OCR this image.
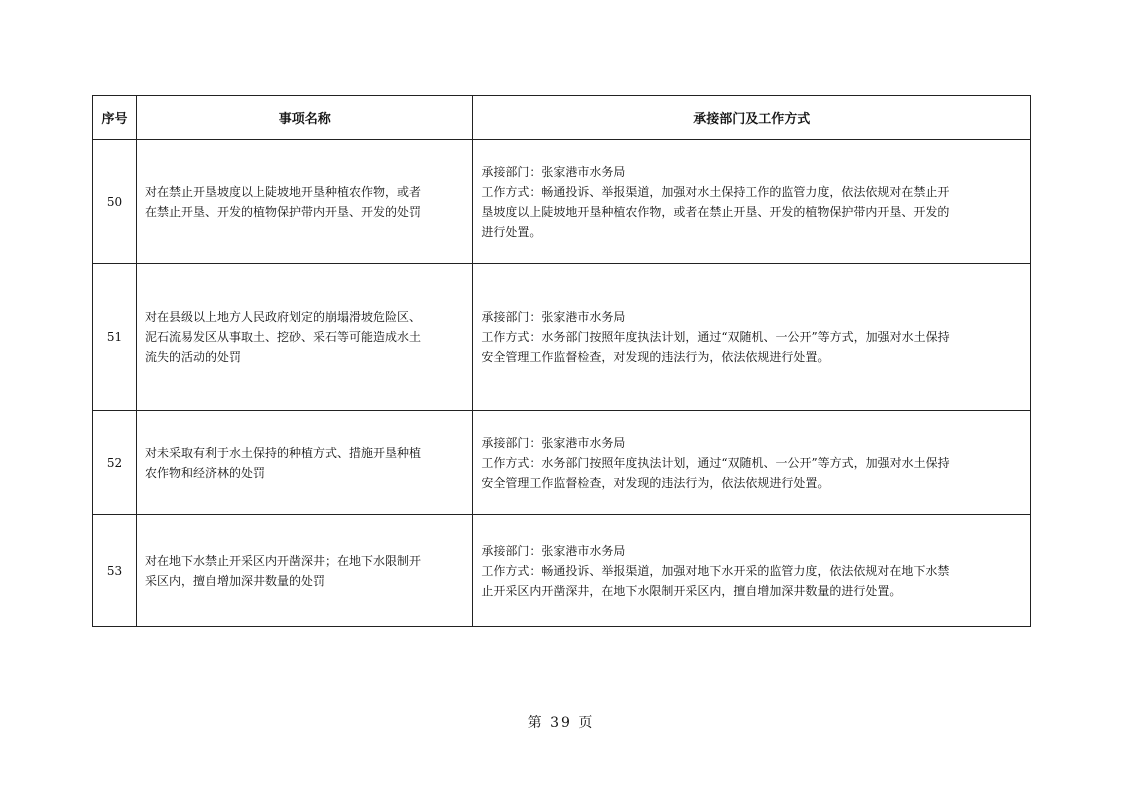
序号	事项名称	承接部门及工作方式
50	对在禁止开垦坡度以上陡坡地开垦种植农作物，或者
在禁止开垦、开发的植物保护带内开垦、开发的处罚	承接部门：张家港市水务局
工作方式：畅通投诉、举报渠道，加强对水土保持工作的监管力度，依法依规对在禁止开
垦坡度以上陡坡地开垦种植农作物，或者在禁止开垦、开发的植物保护带内开垦、开发的
进行处置。

51	对在县级以上地方人民政府划定的崩塌滑坡危险区、
泥石流易发区从事取土、挖砂、采石等可能造成水土
流失的活动的处罚	承接部门：张家港市水务局
工作方式：水务部门按照年度执法计划，通过“双随机、一公开”等方式，加强对水土保持
安全管理工作监督检查，对发现的违法行为，依法依规进行处置。

52	对未采取有利于水土保持的种植方式、措施开垦种植
农作物和经济林的处罚	承接部门：张家港市水务局
工作方式：水务部门按照年度执法计划，通过“双随机、一公开”等方式，加强对水土保持
安全管理工作监督检查，对发现的违法行为，依法依规进行处置。

53	对在地下水禁止开采区内开凿深井；在地下水限制开
采区内，擅自增加深井数量的处罚	承接部门：张家港市水务局
工作方式：畅通投诉、举报渠道，加强对地下水开采的监管力度，依法依规对在地下水禁
止开采区内开凿深井，在地下水限制开采区内，擅自增加深井数量的进行处置。
第 39 页
